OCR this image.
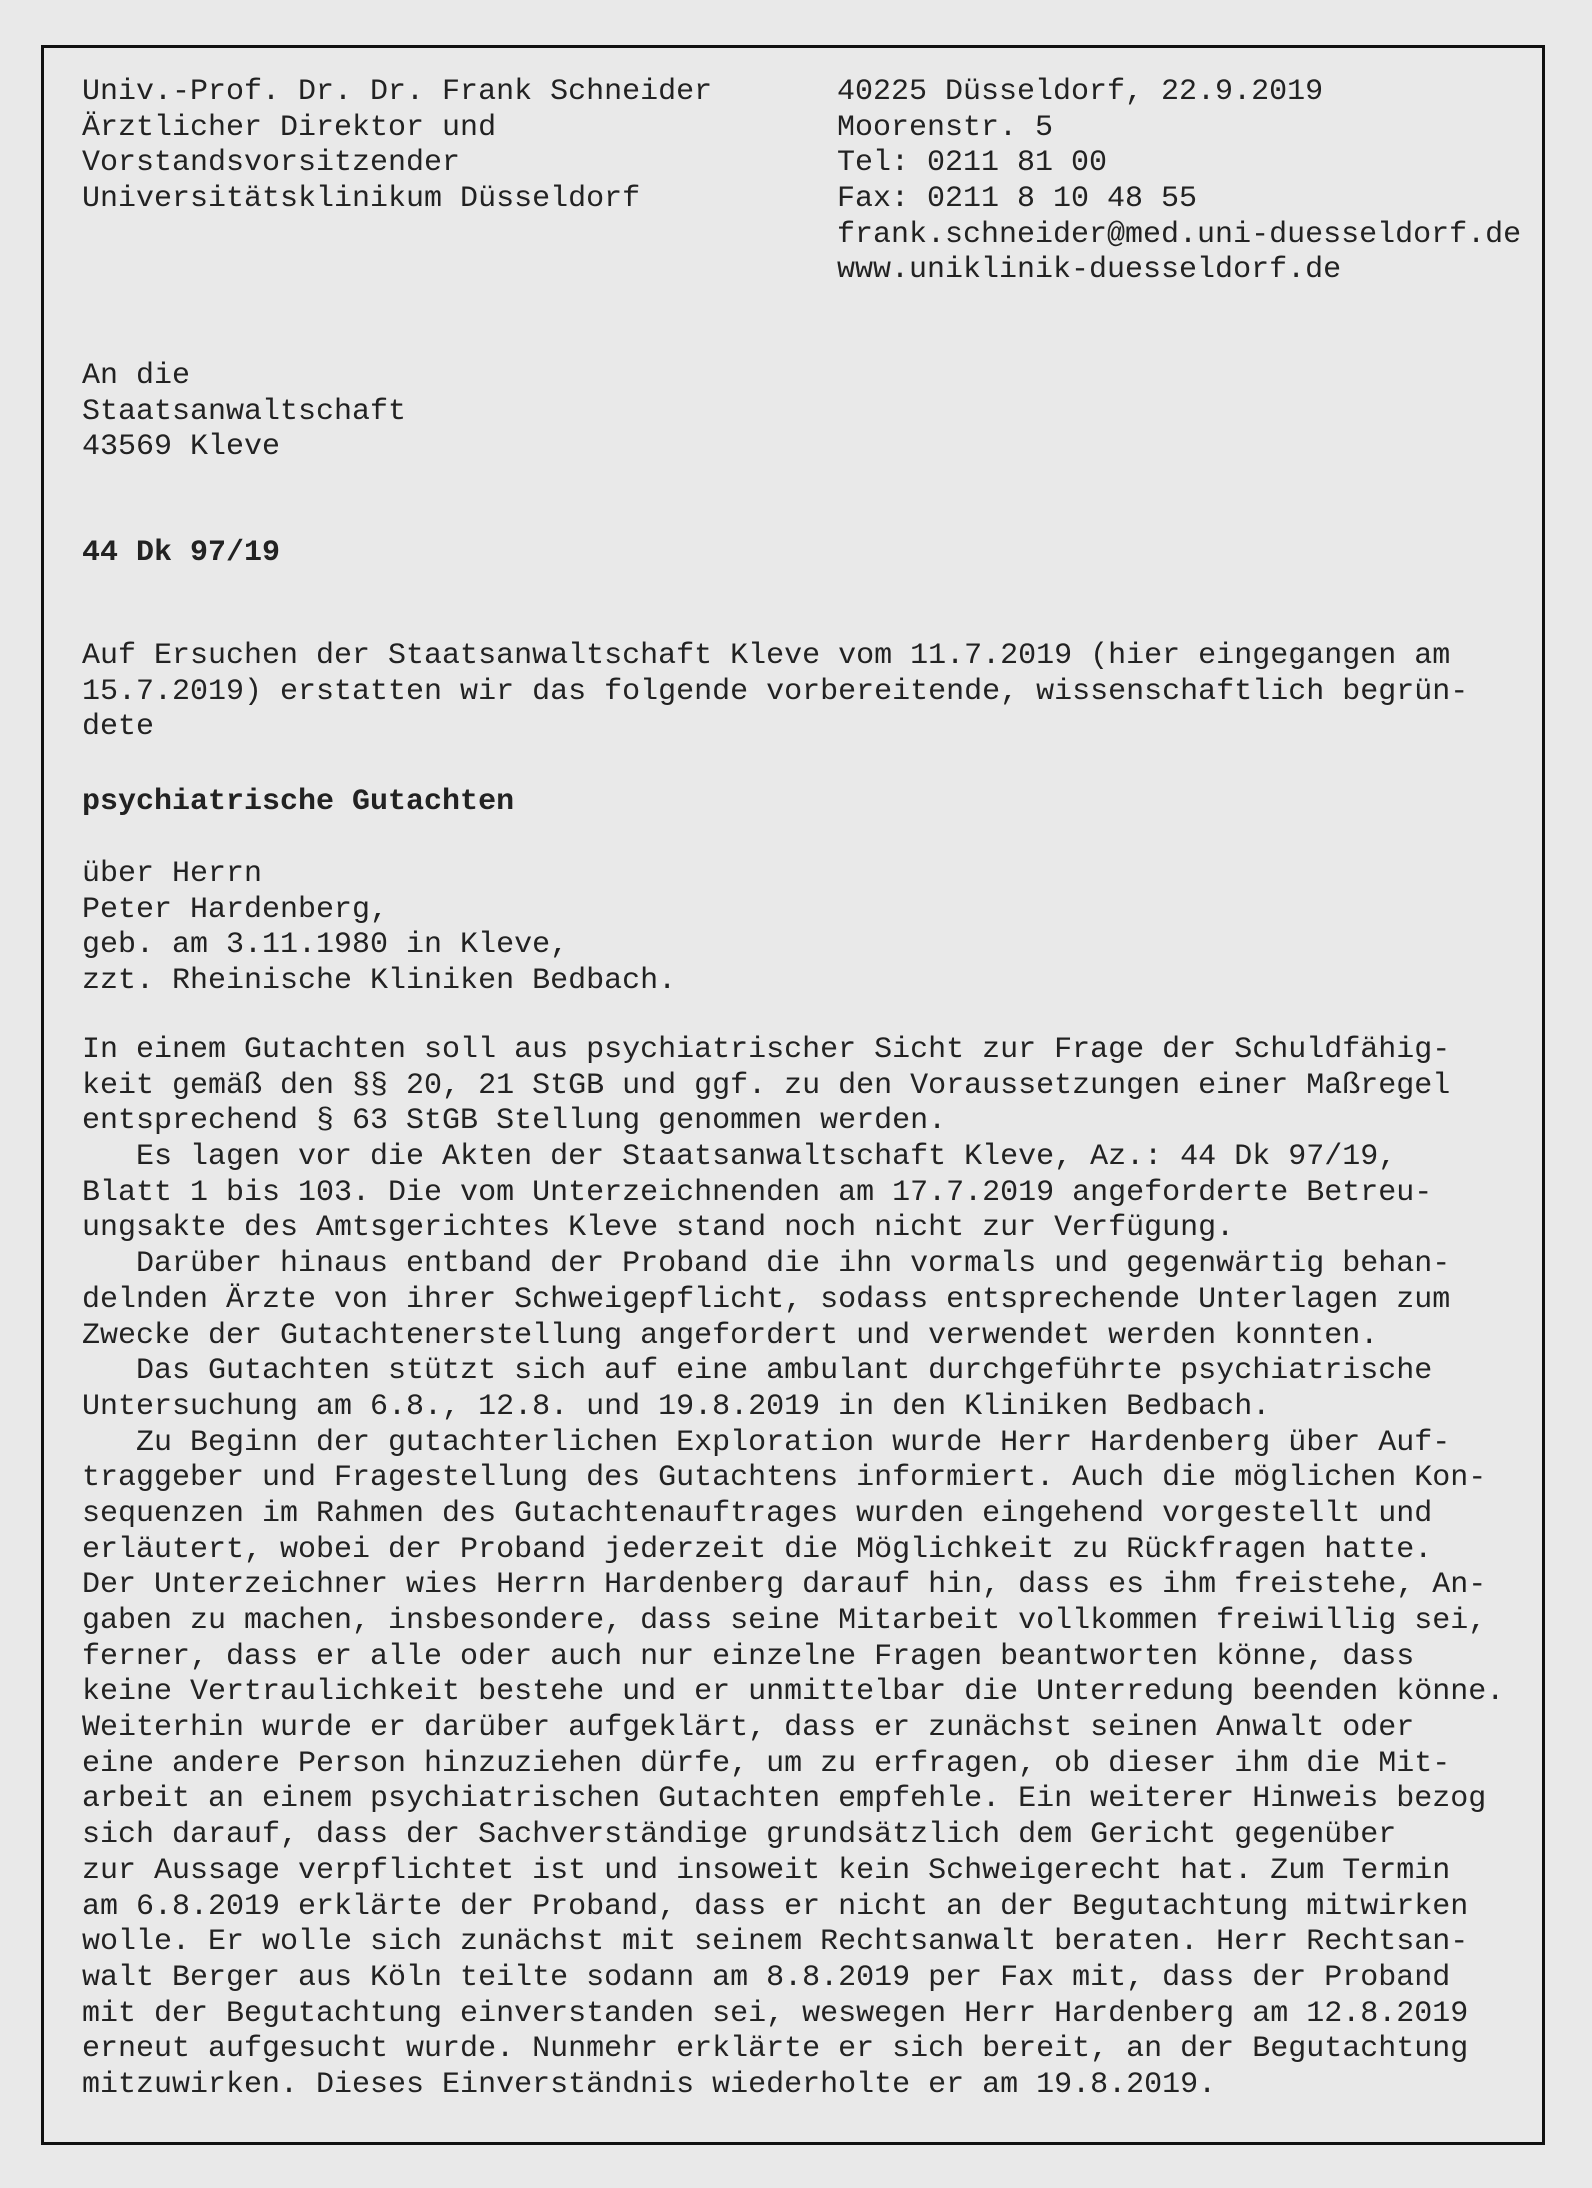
Univ.-Prof. Dr. Dr. Frank Schneider
Ärztlicher Direktor und
Vorstandsvorsitzender
Universitätsklinikum Düsseldorf
40225 Düsseldorf, 22.9.2019
Moorenstr. 5
Tel: 0211 81 00
Fax: 0211 8 10 48 55
frank.schneider@med.uni-duesseldorf.de
www.uniklinik-duesseldorf.de
An die
Staatsanwaltschaft
43569 Kleve
44 Dk 97/19
Auf Ersuchen der Staatsanwaltschaft Kleve vom 11.7.2019 (hier eingegangen am
15.7.2019) erstatten wir das folgende vorbereitende, wissenschaftlich begrün-
dete
psychiatrische Gutachten
über Herrn
Peter Hardenberg,
geb. am 3.11.1980 in Kleve,
zzt. Rheinische Kliniken Bedbach.
In einem Gutachten soll aus psychiatrischer Sicht zur Frage der Schuldfähig-
keit gemäß den §§ 20, 21 StGB und ggf. zu den Voraussetzungen einer Maßregel
entsprechend § 63 StGB Stellung genommen werden.
Es lagen vor die Akten der Staatsanwaltschaft Kleve, Az.: 44 Dk 97/19,
Blatt 1 bis 103. Die vom Unterzeichnenden am 17.7.2019 angeforderte Betreu-
ungsakte des Amtsgerichtes Kleve stand noch nicht zur Verfügung.
Darüber hinaus entband der Proband die ihn vormals und gegenwärtig behan-
delnden Ärzte von ihrer Schweigepflicht, sodass entsprechende Unterlagen zum
Zwecke der Gutachtenerstellung angefordert und verwendet werden konnten.
Das Gutachten stützt sich auf eine ambulant durchgeführte psychiatrische
Untersuchung am 6.8., 12.8. und 19.8.2019 in den Kliniken Bedbach.
Zu Beginn der gutachterlichen Exploration wurde Herr Hardenberg über Auf-
traggeber und Fragestellung des Gutachtens informiert. Auch die möglichen Kon-
sequenzen im Rahmen des Gutachtenauftrages wurden eingehend vorgestellt und
erläutert, wobei der Proband jederzeit die Möglichkeit zu Rückfragen hatte.
Der Unterzeichner wies Herrn Hardenberg darauf hin, dass es ihm freistehe, An-
gaben zu machen, insbesondere, dass seine Mitarbeit vollkommen freiwillig sei,
ferner, dass er alle oder auch nur einzelne Fragen beantworten könne, dass
keine Vertraulichkeit bestehe und er unmittelbar die Unterredung beenden könne.
Weiterhin wurde er darüber aufgeklärt, dass er zunächst seinen Anwalt oder
eine andere Person hinzuziehen dürfe, um zu erfragen, ob dieser ihm die Mit-
arbeit an einem psychiatrischen Gutachten empfehle. Ein weiterer Hinweis bezog
sich darauf, dass der Sachverständige grundsätzlich dem Gericht gegenüber
zur Aussage verpflichtet ist und insoweit kein Schweigerecht hat. Zum Termin
am 6.8.2019 erklärte der Proband, dass er nicht an der Begutachtung mitwirken
wolle. Er wolle sich zunächst mit seinem Rechtsanwalt beraten. Herr Rechtsan-
walt Berger aus Köln teilte sodann am 8.8.2019 per Fax mit, dass der Proband
mit der Begutachtung einverstanden sei, weswegen Herr Hardenberg am 12.8.2019
erneut aufgesucht wurde. Nunmehr erklärte er sich bereit, an der Begutachtung
mitzuwirken. Dieses Einverständnis wiederholte er am 19.8.2019.
